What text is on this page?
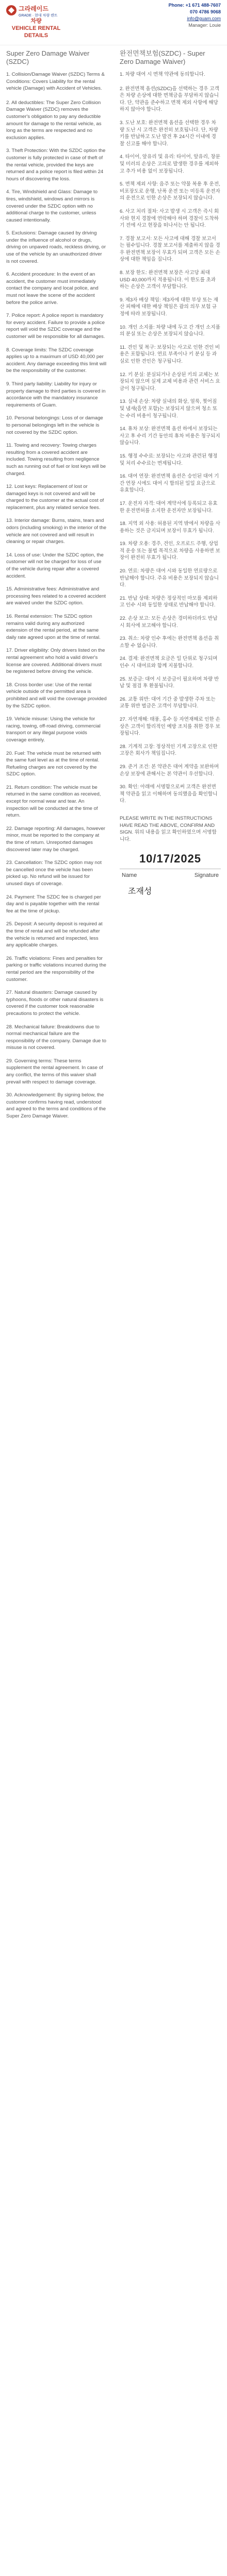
그라레이드
GRADE · 현대 차량 렌트
차량
VEHICLE RENTAL DETAILS
Phone: +1 671 488-7607
070 4786 9068
info@guam.com
Manager: Louie
Super Zero Damage Waiver (SZDC)

1. Collision/Damage Waiver (SZDC) Terms & Conditions: Covers Liability for the rental vehicle (Damage) with Accident of Vehicles.

2. All deductibles: The Super Zero Collision Damage Waiver (SZDC) removes the customer's obligation to pay any deductible amount for damage to the rental vehicle, as long as the terms are respected and no exclusion applies.

3. Theft Protection: With the SZDC option the customer is fully protected in case of theft of the rental vehicle, provided the keys are returned and a police report is filed within 24 hours of discovering the loss.

4. Tire, Windshield and Glass: Damage to tires, windshield, windows and mirrors is covered under the SZDC option with no additional charge to the customer, unless caused intentionally.

5. Exclusions: Damage caused by driving under the influence of alcohol or drugs, driving on unpaved roads, reckless driving, or use of the vehicle by an unauthorized driver is not covered.

6. Accident procedure: In the event of an accident, the customer must immediately contact the company and local police, and must not leave the scene of the accident before the police arrive.

7. Police report: A police report is mandatory for every accident. Failure to provide a police report will void the SZDC coverage and the customer will be responsible for all damages.

8. Coverage limits: The SZDC coverage applies up to a maximum of USD 40,000 per accident. Any damage exceeding this limit will be the responsibility of the customer.

9. Third party liability: Liability for injury or property damage to third parties is covered in accordance with the mandatory insurance requirements of Guam.

10. Personal belongings: Loss of or damage to personal belongings left in the vehicle is not covered by the SZDC option.

11. Towing and recovery: Towing charges resulting from a covered accident are included. Towing resulting from negligence such as running out of fuel or lost keys will be charged.

12. Lost keys: Replacement of lost or damaged keys is not covered and will be charged to the customer at the actual cost of replacement, plus any related service fees.

13. Interior damage: Burns, stains, tears and odors (including smoking) in the interior of the vehicle are not covered and will result in cleaning or repair charges.

14. Loss of use: Under the SZDC option, the customer will not be charged for loss of use of the vehicle during repair after a covered accident.

15. Administrative fees: Administrative and processing fees related to a covered accident are waived under the SZDC option.

16. Rental extension: The SZDC option remains valid during any authorized extension of the rental period, at the same daily rate agreed upon at the time of rental.

17. Driver eligibility: Only drivers listed on the rental agreement who hold a valid driver's license are covered. Additional drivers must be registered before driving the vehicle.

18. Cross border use: Use of the rental vehicle outside of the permitted area is prohibited and will void the coverage provided by the SZDC option.

19. Vehicle misuse: Using the vehicle for racing, towing, off-road driving, commercial transport or any illegal purpose voids coverage entirely.

20. Fuel: The vehicle must be returned with the same fuel level as at the time of rental. Refueling charges are not covered by the SZDC option.

21. Return condition: The vehicle must be returned in the same condition as received, except for normal wear and tear. An inspection will be conducted at the time of return.

22. Damage reporting: All damages, however minor, must be reported to the company at the time of return. Unreported damages discovered later may be charged.

23. Cancellation: The SZDC option may not be cancelled once the vehicle has been picked up. No refund will be issued for unused days of coverage.

24. Payment: The SZDC fee is charged per day and is payable together with the rental fee at the time of pickup.

25. Deposit: A security deposit is required at the time of rental and will be refunded after the vehicle is returned and inspected, less any applicable charges.

26. Traffic violations: Fines and penalties for parking or traffic violations incurred during the rental period are the responsibility of the customer.

27. Natural disasters: Damage caused by typhoons, floods or other natural disasters is covered if the customer took reasonable precautions to protect the vehicle.

28. Mechanical failure: Breakdowns due to normal mechanical failure are the responsibility of the company. Damage due to misuse is not covered.

29. Governing terms: These terms supplement the rental agreement. In case of any conflict, the terms of this waiver shall prevail with respect to damage coverage.

30. Acknowledgement: By signing below, the customer confirms having read, understood and agreed to the terms and conditions of the Super Zero Damage Waiver.

완전면책보험(SZDC) - Super Zero Damage Waiver)

1. 차량 대여 시 면책 약관에 동의합니다.

2. 완전면책 옵션(SZDC)을 선택하는 경우 고객은 차량 손상에 대한 면책금을 부담하지 않습니다. 단, 약관을 준수하고 면책 제외 사항에 해당하지 않아야 합니다.

3. 도난 보호: 완전면책 옵션을 선택한 경우 차량 도난 시 고객은 완전히 보호됩니다. 단, 차량 키를 반납하고 도난 발견 후 24시간 이내에 경찰 신고를 해야 합니다.

4. 타이어, 앞유리 및 유리: 타이어, 앞유리, 창문 및 미러의 손상은 고의로 발생한 경우를 제외하고 추가 비용 없이 보장됩니다.

5. 면책 제외 사항: 음주 또는 약물 복용 후 운전, 비포장도로 운행, 난폭 운전 또는 미등록 운전자의 운전으로 인한 손상은 보장되지 않습니다.

6. 사고 처리 절차: 사고 발생 시 고객은 즉시 회사와 현지 경찰에 연락해야 하며 경찰이 도착하기 전에 사고 현장을 떠나서는 안 됩니다.

7. 경찰 보고서: 모든 사고에 대해 경찰 보고서는 필수입니다. 경찰 보고서를 제출하지 않을 경우 완전면책 보장이 무효가 되며 고객은 모든 손상에 대한 책임을 집니다.

8. 보장 한도: 완전면책 보장은 사고당 최대 USD 40,000까지 적용됩니다. 이 한도를 초과하는 손상은 고객이 부담합니다.

9. 제3자 배상 책임: 제3자에 대한 부상 또는 재산 피해에 대한 배상 책임은 괌의 의무 보험 규정에 따라 보장됩니다.

10. 개인 소지품: 차량 내에 두고 간 개인 소지품의 분실 또는 손상은 보장되지 않습니다.

11. 견인 및 복구: 보장되는 사고로 인한 견인 비용은 포함됩니다. 연료 부족이나 키 분실 등 과실로 인한 견인은 청구됩니다.

12. 키 분실: 분실되거나 손상된 키의 교체는 보장되지 않으며 실제 교체 비용과 관련 서비스 요금이 청구됩니다.

13. 실내 손상: 차량 실내의 화상, 얼룩, 찢어짐 및 냄새(흡연 포함)는 보장되지 않으며 청소 또는 수리 비용이 청구됩니다.

14. 휴차 보상: 완전면책 옵션 하에서 보장되는 사고 후 수리 기간 동안의 휴차 비용은 청구되지 않습니다.

15. 행정 수수료: 보장되는 사고와 관련된 행정 및 처리 수수료는 면제됩니다.

16. 대여 연장: 완전면책 옵션은 승인된 대여 기간 연장 시에도 대여 시 합의된 일일 요금으로 유효합니다.

17. 운전자 자격: 대여 계약서에 등록되고 유효한 운전면허를 소지한 운전자만 보장됩니다.

18. 지역 외 사용: 허용된 지역 밖에서 차량을 사용하는 것은 금지되며 보장이 무효가 됩니다.

19. 차량 오용: 경주, 견인, 오프로드 주행, 상업적 운송 또는 불법 목적으로 차량을 사용하면 보장이 완전히 무효가 됩니다.

20. 연료: 차량은 대여 시와 동일한 연료량으로 반납해야 합니다. 주유 비용은 보장되지 않습니다.

21. 반납 상태: 차량은 정상적인 마모를 제외하고 인수 시와 동일한 상태로 반납해야 합니다.

22. 손상 보고: 모든 손상은 경미하더라도 반납 시 회사에 보고해야 합니다.

23. 취소: 차량 인수 후에는 완전면책 옵션을 취소할 수 없습니다.

24. 결제: 완전면책 요금은 일 단위로 청구되며 인수 시 대여료와 함께 지불합니다.

25. 보증금: 대여 시 보증금이 필요하며 차량 반납 및 점검 후 환불됩니다.

26. 교통 위반: 대여 기간 중 발생한 주차 또는 교통 위반 벌금은 고객이 부담합니다.

27. 자연재해: 태풍, 홍수 등 자연재해로 인한 손상은 고객이 합리적인 예방 조치를 취한 경우 보장됩니다.

28. 기계적 고장: 정상적인 기계 고장으로 인한 고장은 회사가 책임집니다.

29. 준거 조건: 본 약관은 대여 계약을 보완하며 손상 보장에 관해서는 본 약관이 우선합니다.

30. 확인: 아래에 서명함으로써 고객은 완전면책 약관을 읽고 이해하며 동의했음을 확인합니다.

PLEASE WRITE IN THE INSTRUCTIONS HAVE READ THE ABOVE, CONFIRM AND SIGN. 위의 내용을 읽고 확인하였으며 서명합니다.
10/17/2025
Name	Signature
조재성
